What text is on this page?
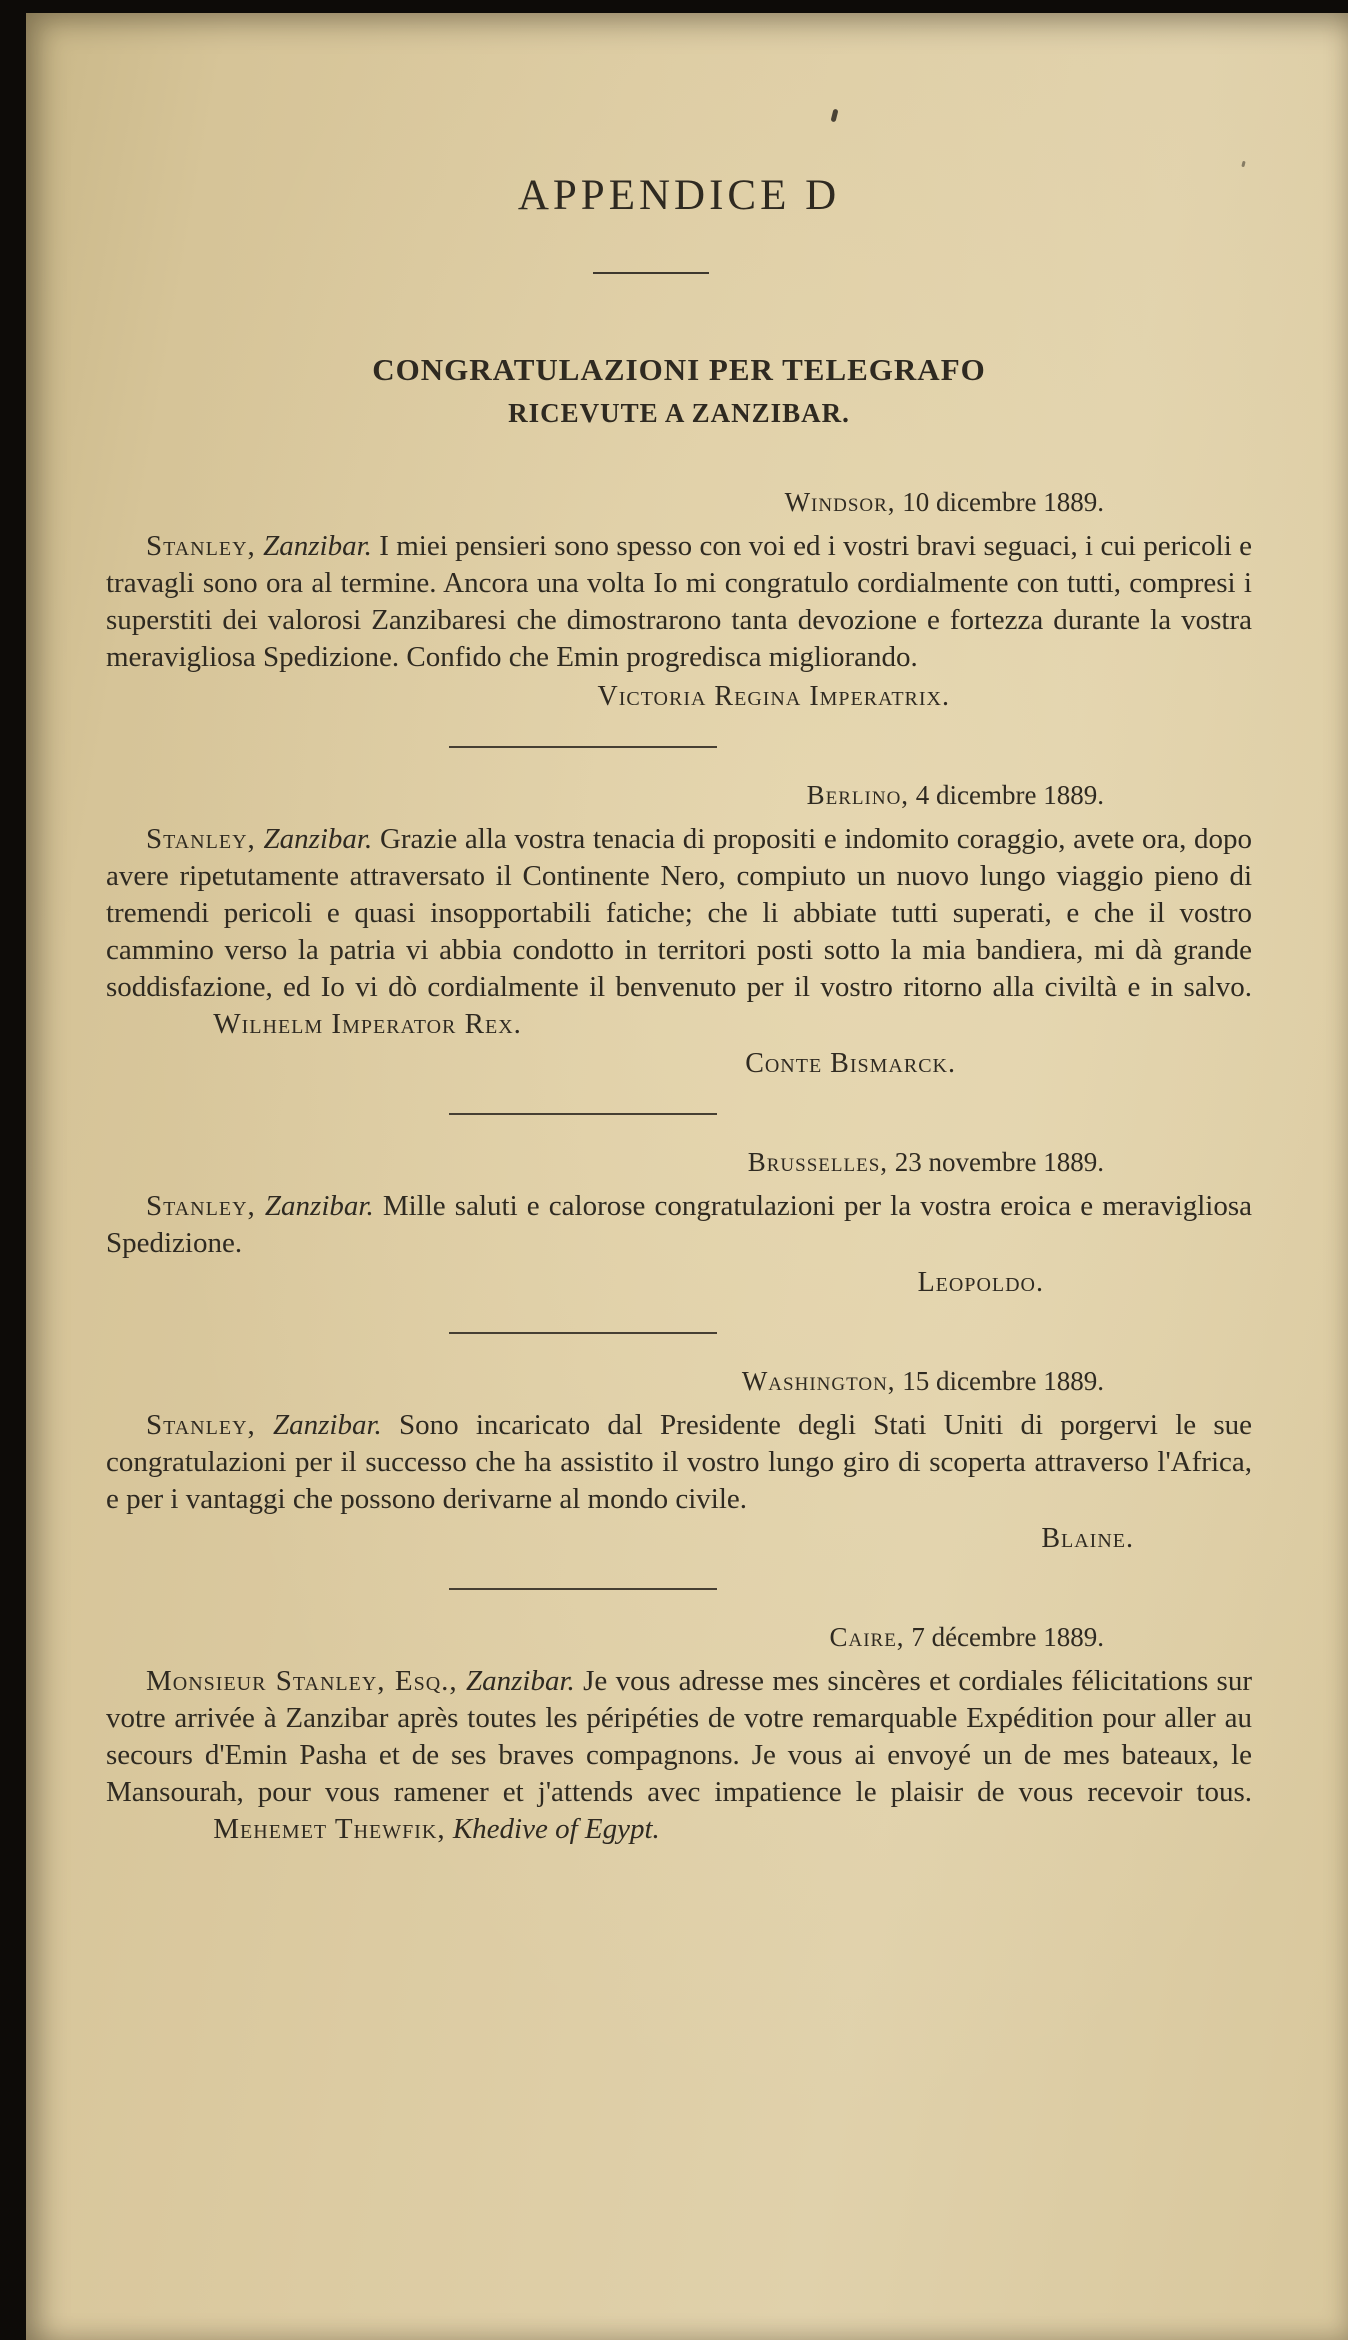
APPENDICE D
CONGRATULAZIONI PER TELEGRAFO
RICEVUTE A ZANZIBAR.
Windsor, 10 dicembre 1889.

Stanley, Zanzibar. I miei pensieri sono spesso con voi ed i vostri bravi seguaci, i cui pericoli e travagli sono ora al termine. Ancora una volta Io mi congratulo cordialmente con tutti, compresi i superstiti dei valorosi Zanzibaresi che dimostrarono tanta devozione e fortezza durante la vostra meravigliosa Spedizione. Confido che Emin progredisca migliorando.

Victoria Regina Imperatrix.
Berlino, 4 dicembre 1889.

Stanley, Zanzibar. Grazie alla vostra tenacia di propositi e indomito coraggio, avete ora, dopo avere ripetutamente attraversato il Continente Nero, compiuto un nuovo lungo viaggio pieno di tremendi pericoli e quasi insopportabili fatiche; che li abbiate tutti superati, e che il vostro cammino verso la patria vi abbia condotto in territori posti sotto la mia bandiera, mi dà grande soddisfazione, ed Io vi dò cordialmente il benvenuto per il vostro ritorno alla civiltà e in salvo.  Wilhelm Imperator Rex.

Conte Bismarck.
Brusselles, 23 novembre 1889.

Stanley, Zanzibar. Mille saluti e calorose congratulazioni per la vostra eroica e meravigliosa Spedizione.

Leopoldo.
Washington, 15 dicembre 1889.

Stanley, Zanzibar. Sono incaricato dal Presidente degli Stati Uniti di porgervi le sue congratulazioni per il successo che ha assistito il vostro lungo giro di scoperta attraverso l'Africa, e per i vantaggi che possono derivarne al mondo civile.

Blaine.
Caire, 7 décembre 1889.

Monsieur Stanley, Esq., Zanzibar. Je vous adresse mes sincères et cordiales félicitations sur votre arrivée à Zanzibar après toutes les péripéties de votre remarquable Expédition pour aller au secours d'Emin Pasha et de ses braves compagnons. Je vous ai envoyé un de mes bateaux, le Mansourah, pour vous ramener et j'attends avec impatience le plaisir de vous recevoir tous.  Mehemet Thewfik, Khedive of Egypt.
